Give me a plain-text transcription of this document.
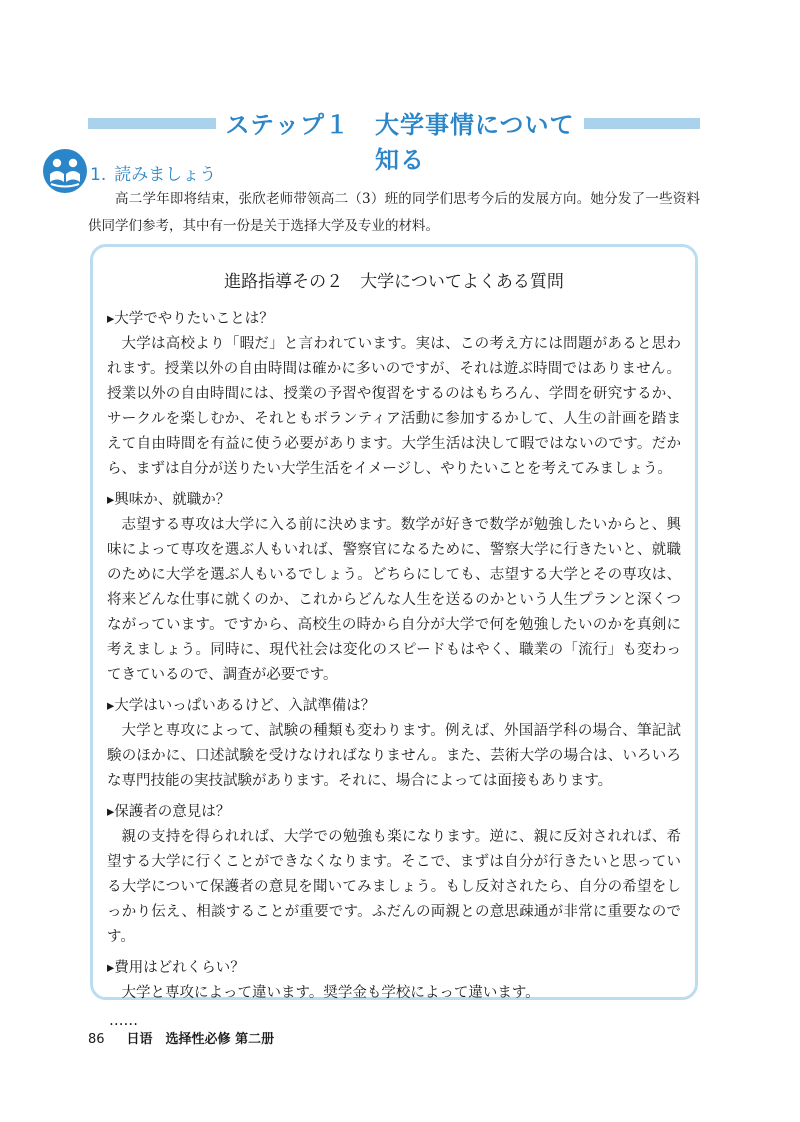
ステップ１　大学事情について知る
1. 読みましょう

高二学年即将结束，张欣老师带领高二（3）班的同学们思考今后的发展方向。她分发了一些资料供同学们参考，其中有一份是关于选择大学及专业的材料。

進路指導その２　大学についてよくある質問

▸大学でやりたいことは？

大学は高校より「暇だ」と言われています。実は、この考え方には問題があると思われます。授業以外の自由時間は確かに多いのですが、それは遊ぶ時間ではありません。授業以外の自由時間には、授業の予習や復習をするのはもちろん、学問を研究するか、サークルを楽しむか、それともボランティア活動に参加するかして、人生の計画を踏まえて自由時間を有益に使う必要があります。大学生活は決して暇ではないのです。だから、まずは自分が送りたい大学生活をイメージし、やりたいことを考えてみましょう。

▸興味か、就職か？

志望する専攻は大学に入る前に決めます。数学が好きで数学が勉強したいからと、興味によって専攻を選ぶ人もいれば、警察官になるために、警察大学に行きたいと、就職のために大学を選ぶ人もいるでしょう。どちらにしても、志望する大学とその専攻は、将来どんな仕事に就くのか、これからどんな人生を送るのかという人生プランと深くつながっています。ですから、高校生の時から自分が大学で何を勉強したいのかを真剣に考えましょう。同時に、現代社会は変化のスピードもはやく、職業の「流行」も変わってきているので、調査が必要です。

▸大学はいっぱいあるけど、入試準備は？

大学と専攻によって、試験の種類も変わります。例えば、外国語学科の場合、筆記試験のほかに、口述試験を受けなければなりません。また、芸術大学の場合は、いろいろな専門技能の実技試験があります。それに、場合によっては面接もあります。

▸保護者の意見は？

親の支持を得られれば、大学での勉強も楽になります。逆に、親に反対されれば、希望する大学に行くことができなくなります。そこで、まずは自分が行きたいと思っている大学について保護者の意見を聞いてみましょう。もし反対されたら、自分の希望をしっかり伝え、相談することが重要です。ふだんの両親との意思疎通が非常に重要なのです。

▸費用はどれくらい？

大学と専攻によって違います。奨学金も学校によって違います。

……

86 日语　选择性必修 第二册
